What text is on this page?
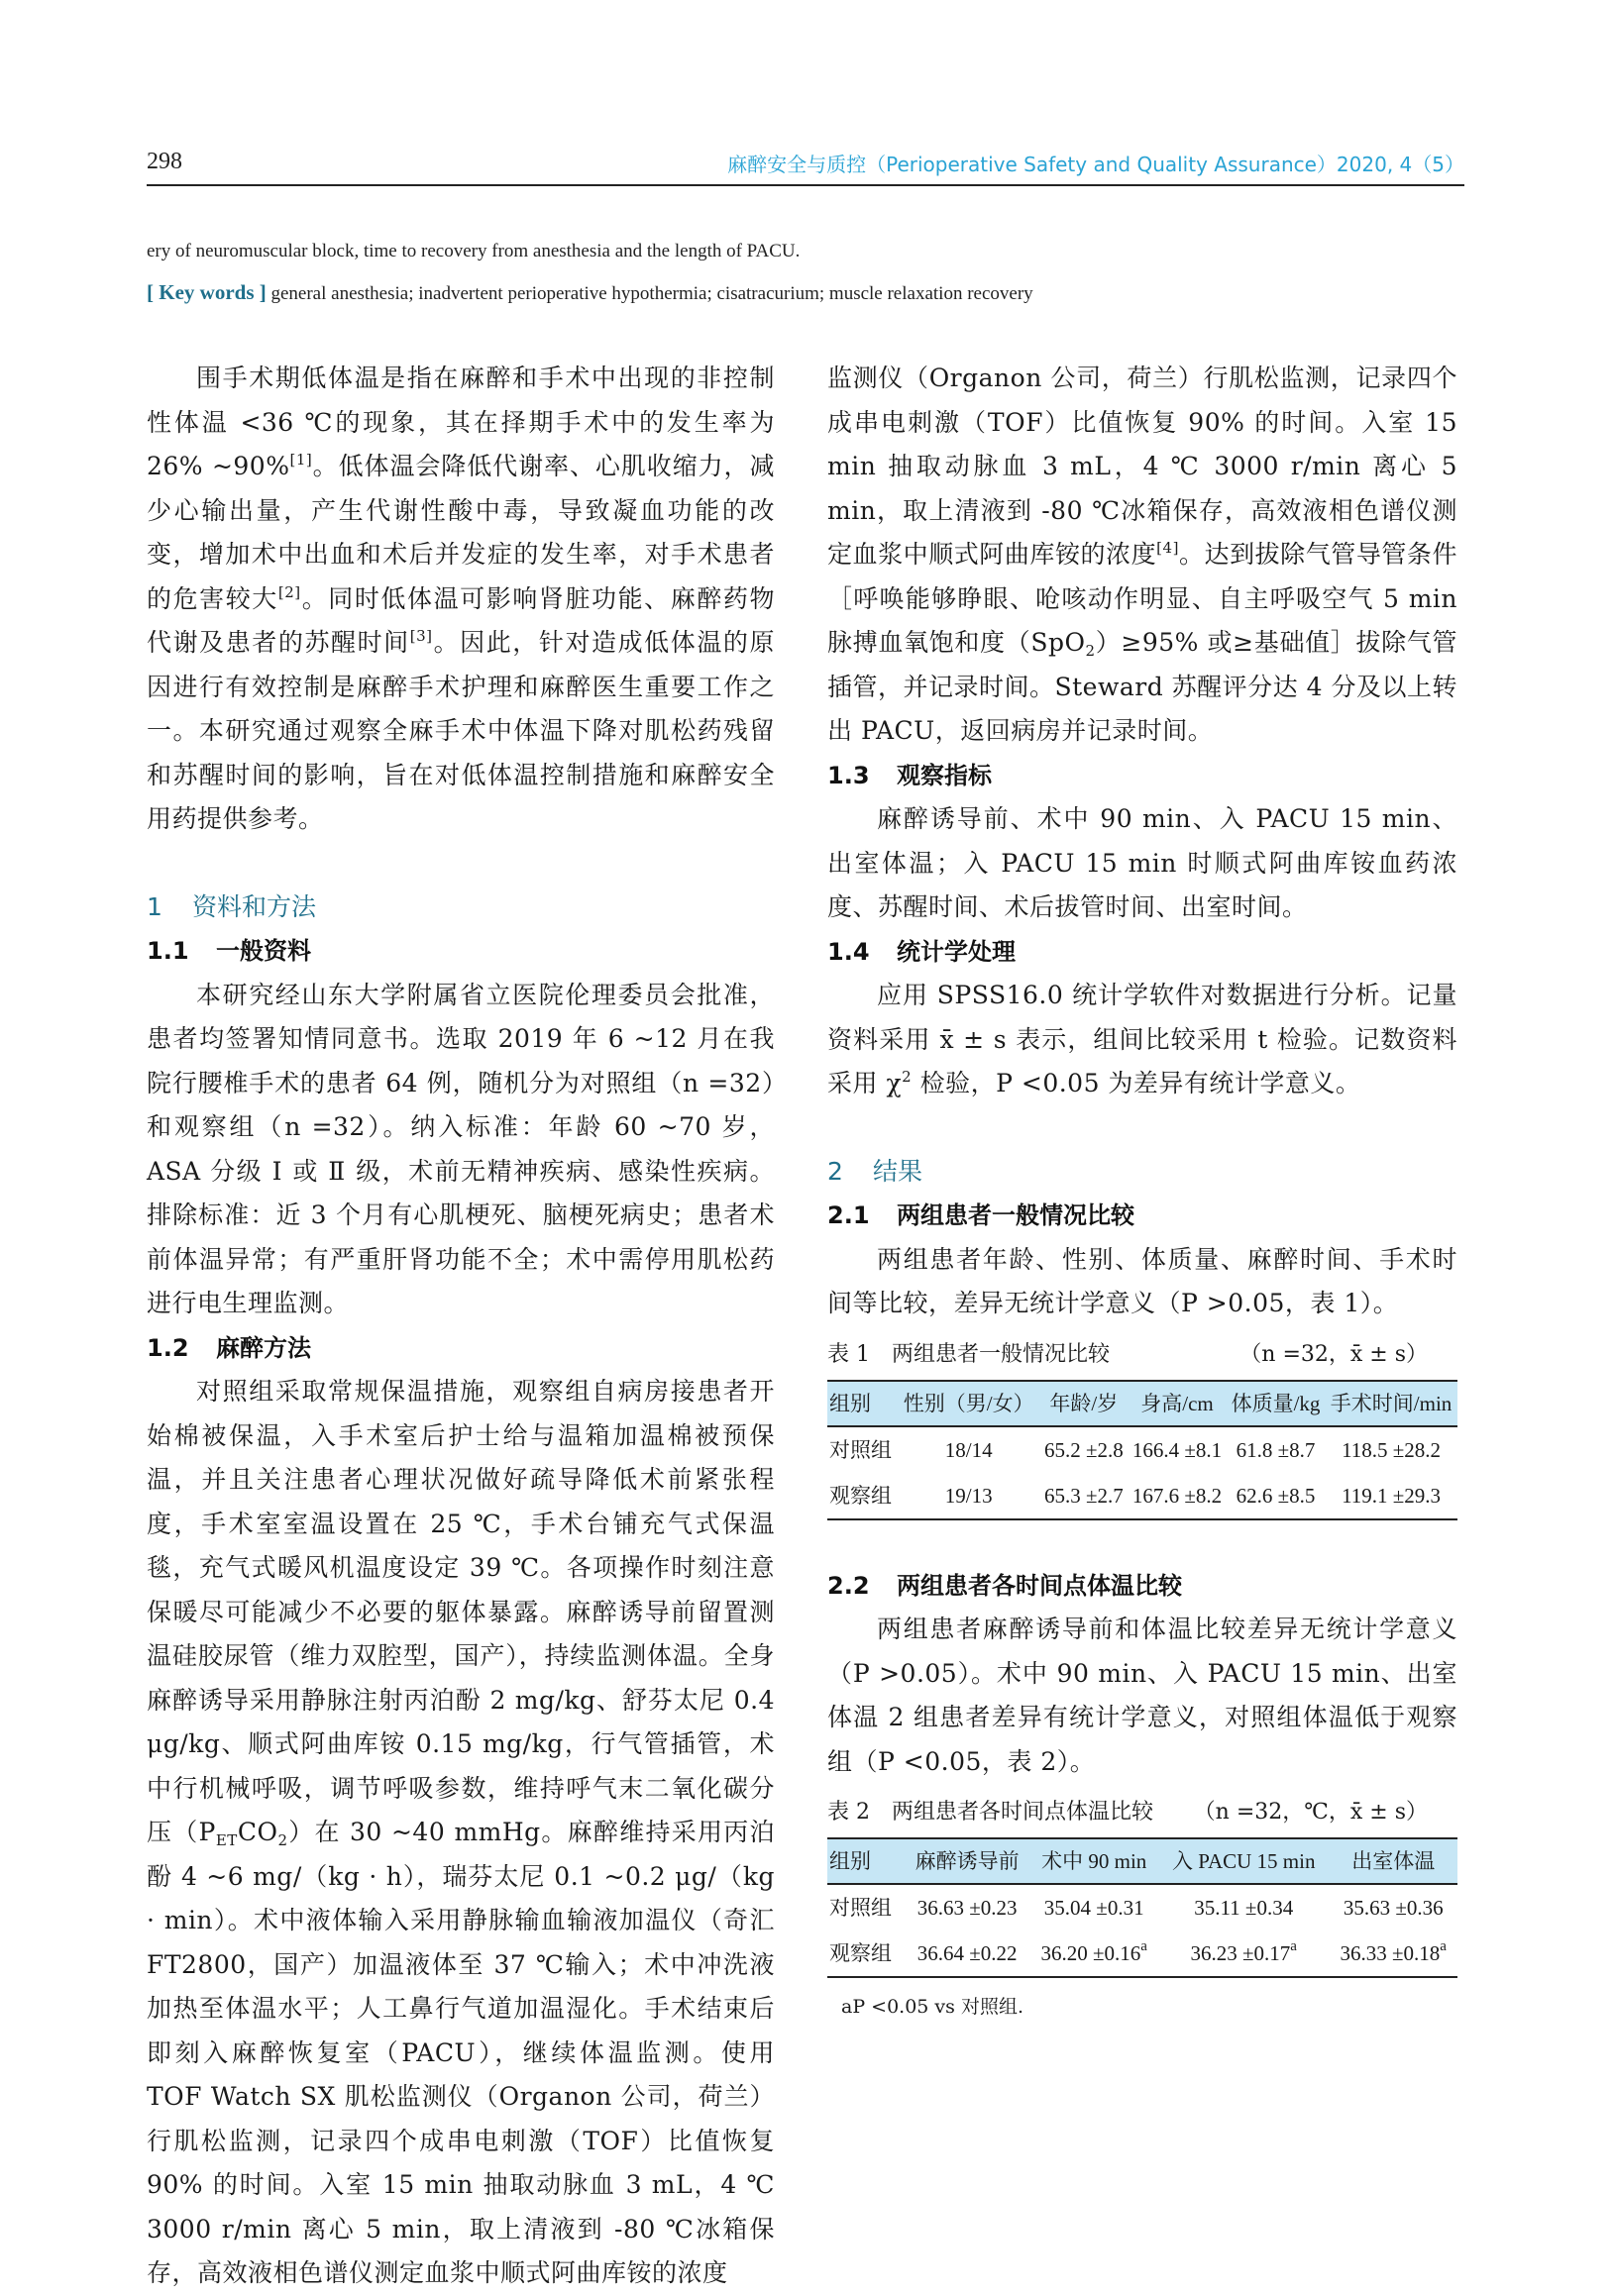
298	麻醉安全与质控（Perioperative Safety and Quality Assurance）2020, 4（5）
ery of neuromuscular block, time to recovery from anesthesia and the length of PACU.
[ Key words ] general anesthesia; inadvertent perioperative hypothermia; cisatracurium; muscle relaxation recovery

围手术期低体温是指在麻醉和手术中出现的非控制性体温 <36 ℃的现象，其在择期手术中的发生率为 26% ~90%[1]。低体温会降低代谢率、心肌收缩力，减少心输出量，产生代谢性酸中毒，导致凝血功能的改变，增加术中出血和术后并发症的发生率，对手术患者的危害较大[2]。同时低体温可影响肾脏功能、麻醉药物代谢及患者的苏醒时间[3]。因此，针对造成低体温的原因进行有效控制是麻醉手术护理和麻醉医生重要工作之一。本研究通过观察全麻手术中体温下降对肌松药残留和苏醒时间的影响，旨在对低体温控制措施和麻醉安全用药提供参考。

1 资料和方法

1.1 一般资料

本研究经山东大学附属省立医院伦理委员会批准，患者均签署知情同意书。选取 2019 年 6 ~12 月在我院行腰椎手术的患者 64 例，随机分为对照组（n =32）和观察组（n =32）。纳入标准：年龄 60 ~70 岁，ASA 分级 Ⅰ 或 Ⅱ 级，术前无精神疾病、感染性疾病。排除标准：近 3 个月有心肌梗死、脑梗死病史；患者术前体温异常；有严重肝肾功能不全；术中需停用肌松药进行电生理监测。

1.2 麻醉方法

对照组采取常规保温措施，观察组自病房接患者开始棉被保温，入手术室后护士给与温箱加温棉被预保温，并且关注患者心理状况做好疏导降低术前紧张程度，手术室室温设置在 25 ℃，手术台铺充气式保温毯，充气式暖风机温度设定 39 ℃。各项操作时刻注意保暖尽可能减少不必要的躯体暴露。麻醉诱导前留置测温硅胶尿管（维力双腔型，国产），持续监测体温。全身麻醉诱导采用静脉注射丙泊酚 2 mg/kg、舒芬太尼 0.4 μg/kg、顺式阿曲库铵 0.15 mg/kg，行气管插管，术中行机械呼吸，调节呼吸参数，维持呼气末二氧化碳分压$(P_{ET}CO_2)$在 30 ~40 mmHg。麻醉维持采用丙泊酚 4 ~6 mg/（kg · h），瑞芬太尼 0.1 ~0.2 μg/（kg · min）。术中液体输入采用静脉输血输液加温仪（奇汇 FT2800，国产）加温液体至 37 ℃输入；术中冲洗液加热至体温水平；人工鼻行气道加温湿化。手术结束后即刻入麻醉恢复室（PACU），继续体温监测。使用 TOF Watch SX 肌松监测仪（Organon 公司，荷兰）行肌松监测，记录四个成串电刺激（TOF）比值恢复 90% 的时间。入室 15 min 抽取动脉血 3 mL，4 ℃ 3000 r/min 离心 5 min，取上清液到 -80 ℃冰箱保存，高效液相色谱仪测定血浆中顺式阿曲库铵的浓度

监测仪（Organon 公司，荷兰）行肌松监测，记录四个成串电刺激（TOF）比值恢复 90% 的时间。入室 15 min 抽取动脉血 3 mL，4 ℃ 3000 r/min 离心 5 min，取上清液到 -80 ℃冰箱保存，高效液相色谱仪测定血浆中顺式阿曲库铵的浓度[4]。达到拔除气管导管条件［呼唤能够睁眼、呛咳动作明显、自主呼吸空气 5 min 脉搏血氧饱和度（SpO$_2$）≥95% 或≥基础值］拔除气管插管，并记录时间。Steward 苏醒评分达 4 分及以上转出 PACU，返回病房并记录时间。

1.3 观察指标

麻醉诱导前、术中 90 min、入 PACU 15 min、出室体温；入 PACU 15 min 时顺式阿曲库铵血药浓度、苏醒时间、术后拔管时间、出室时间。

1.4 统计学处理

应用 SPSS16.0 统计学软件对数据进行分析。记量资料采用 x̄ ± s 表示，组间比较采用 t 检验。记数资料采用 $\chi^2$ 检验，P <0.05 为差异有统计学意义。

2 结果

2.1 两组患者一般情况比较

两组患者年龄、性别、体质量、麻醉时间、手术时间等比较，差异无统计学意义（P >0.05，表 1）。

表 1　两组患者一般情况比较	（n =32，x̄ ± s）
组别	性别（男/女）	年龄/岁	身高/cm	体质量/kg	手术时间/min
对照组	18/14	65.2 ±2.8	166.4 ±8.1	61.8 ±8.7	118.5 ±28.2
观察组	19/13	65.3 ±2.7	167.6 ±8.2	62.6 ±8.5	119.1 ±29.3

2.2 两组患者各时间点体温比较

两组患者麻醉诱导前和体温比较差异无统计学意义（P >0.05）。术中 90 min、入 PACU 15 min、出室体温 2 组患者差异有统计学意义，对照组体温低于观察组（P <0.05，表 2）。

表 2　两组患者各时间点体温比较 （n =32，℃，x̄ ± s）
组别	麻醉诱导前	术中 90 min	入 PACU 15 min	出室体温
对照组	36.63 ±0.23	35.04 ±0.31	35.11 ±0.34	35.63 ±0.36
观察组	36.64 ±0.22	36.20 ±0.16$^a$	36.23 ±0.17$^a$	36.33 ±0.18$^a$
aP <0.05 vs 对照组.
